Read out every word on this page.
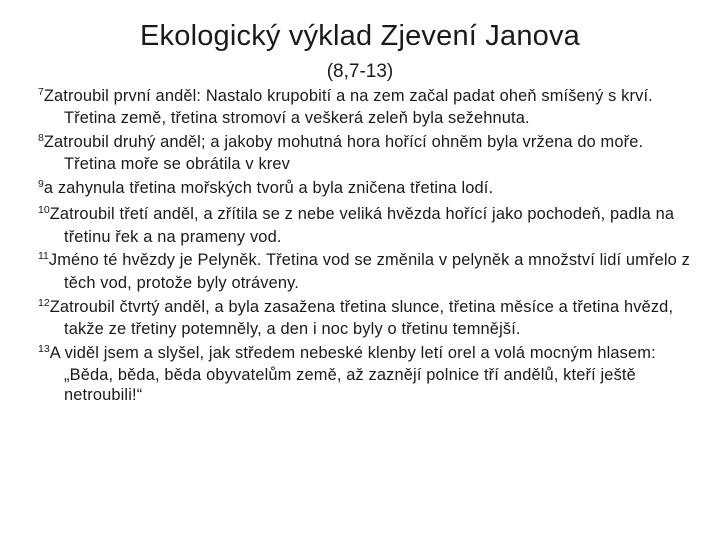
Ekologický výklad Zjevení Janova
(8,7-13)

$^7$Zatroubil první anděl: Nastalo krupobití a na zem začal padat oheň smíšený s krví. Třetina země, třetina stromoví a veškerá zeleň byla sežehnuta.

$^8$Zatroubil druhý anděl; a jakoby mohutná hora hořící ohněm byla vržena do moře. Třetina moře se obrátila v krev

$^9$a zahynula třetina mořských tvorů a byla zničena třetina lodí.

$^{10}$Zatroubil třetí anděl, a zřítila se z nebe veliká hvězda hořící jako pochodeň, padla na třetinu řek a na prameny vod.

$^{11}$Jméno té hvězdy je Pelyněk. Třetina vod se změnila v pelyněk a množství lidí umřelo z těch vod, protože byly otráveny.

$^{12}$Zatroubil čtvrtý anděl, a byla zasažena třetina slunce, třetina měsíce a třetina hvězd, takže ze třetiny potemněly, a den i noc byly o třetinu temnější.

$^{13}$A viděl jsem a slyšel, jak středem nebeské klenby letí orel a volá mocným hlasem: „Běda, běda, běda obyvatelům země, až zaznějí polnice tří andělů, kteří ještě netroubili!“
